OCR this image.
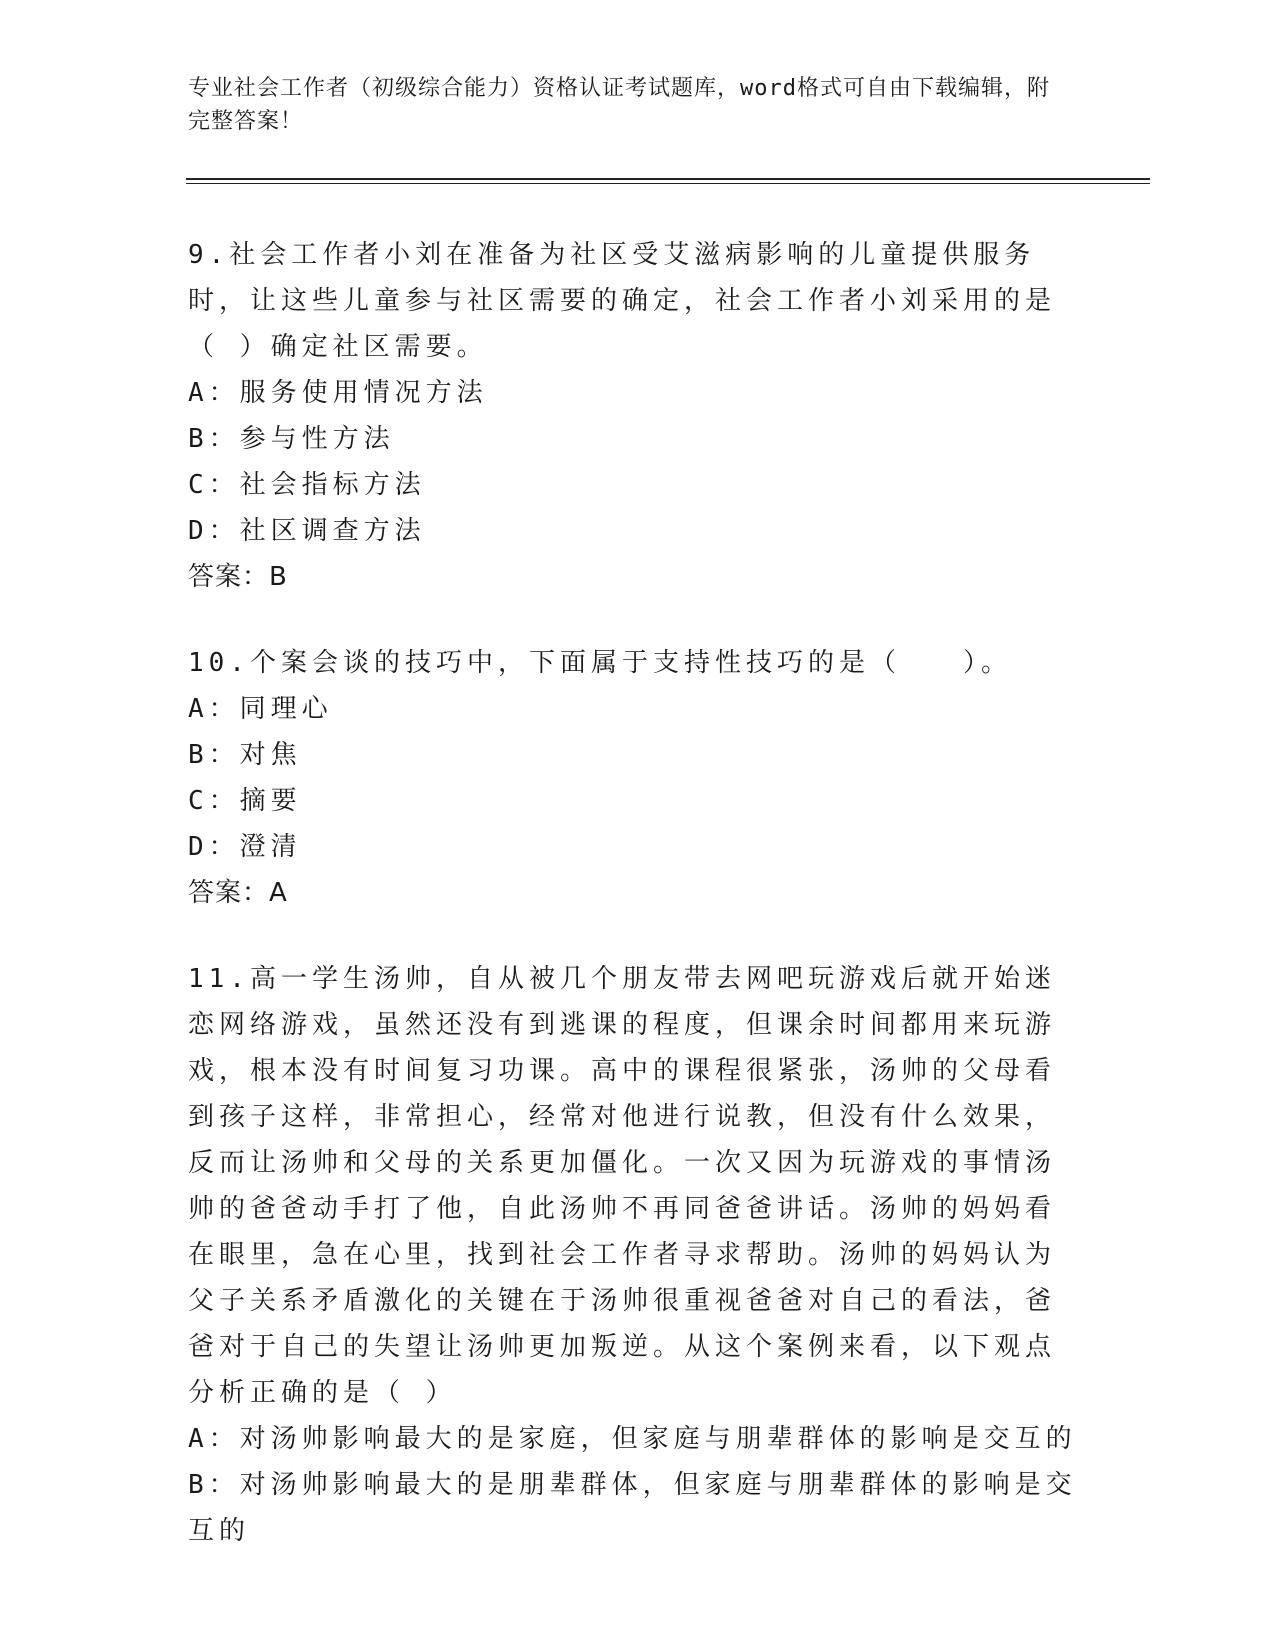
专业社会工作者（初级综合能力）资格认证考试题库，word格式可自由下载编辑，附完整答案！
9.社会工作者小刘在准备为社区受艾滋病影响的儿童提供服务时，让这些儿童参与社区需要的确定，社会工作者小刘采用的是（ ）确定社区需要。
A：服务使用情况方法
B：参与性方法
C：社会指标方法
D：社区调查方法
答案：B
10.个案会谈的技巧中，下面属于支持性技巧的是（　　）。
A：同理心
B：对焦
C：摘要
D：澄清
答案：A
11.高一学生汤帅，自从被几个朋友带去网吧玩游戏后就开始迷恋网络游戏，虽然还没有到逃课的程度，但课余时间都用来玩游戏，根本没有时间复习功课。高中的课程很紧张，汤帅的父母看到孩子这样，非常担心，经常对他进行说教，但没有什么效果，反而让汤帅和父母的关系更加僵化。一次又因为玩游戏的事情汤帅的爸爸动手打了他，自此汤帅不再同爸爸讲话。汤帅的妈妈看在眼里，急在心里，找到社会工作者寻求帮助。汤帅的妈妈认为父子关系矛盾激化的关键在于汤帅很重视爸爸对自己的看法，爸爸对于自己的失望让汤帅更加叛逆。从这个案例来看，以下观点分析正确的是（ ）
A：对汤帅影响最大的是家庭，但家庭与朋辈群体的影响是交互的
B：对汤帅影响最大的是朋辈群体，但家庭与朋辈群体的影响是交互的
